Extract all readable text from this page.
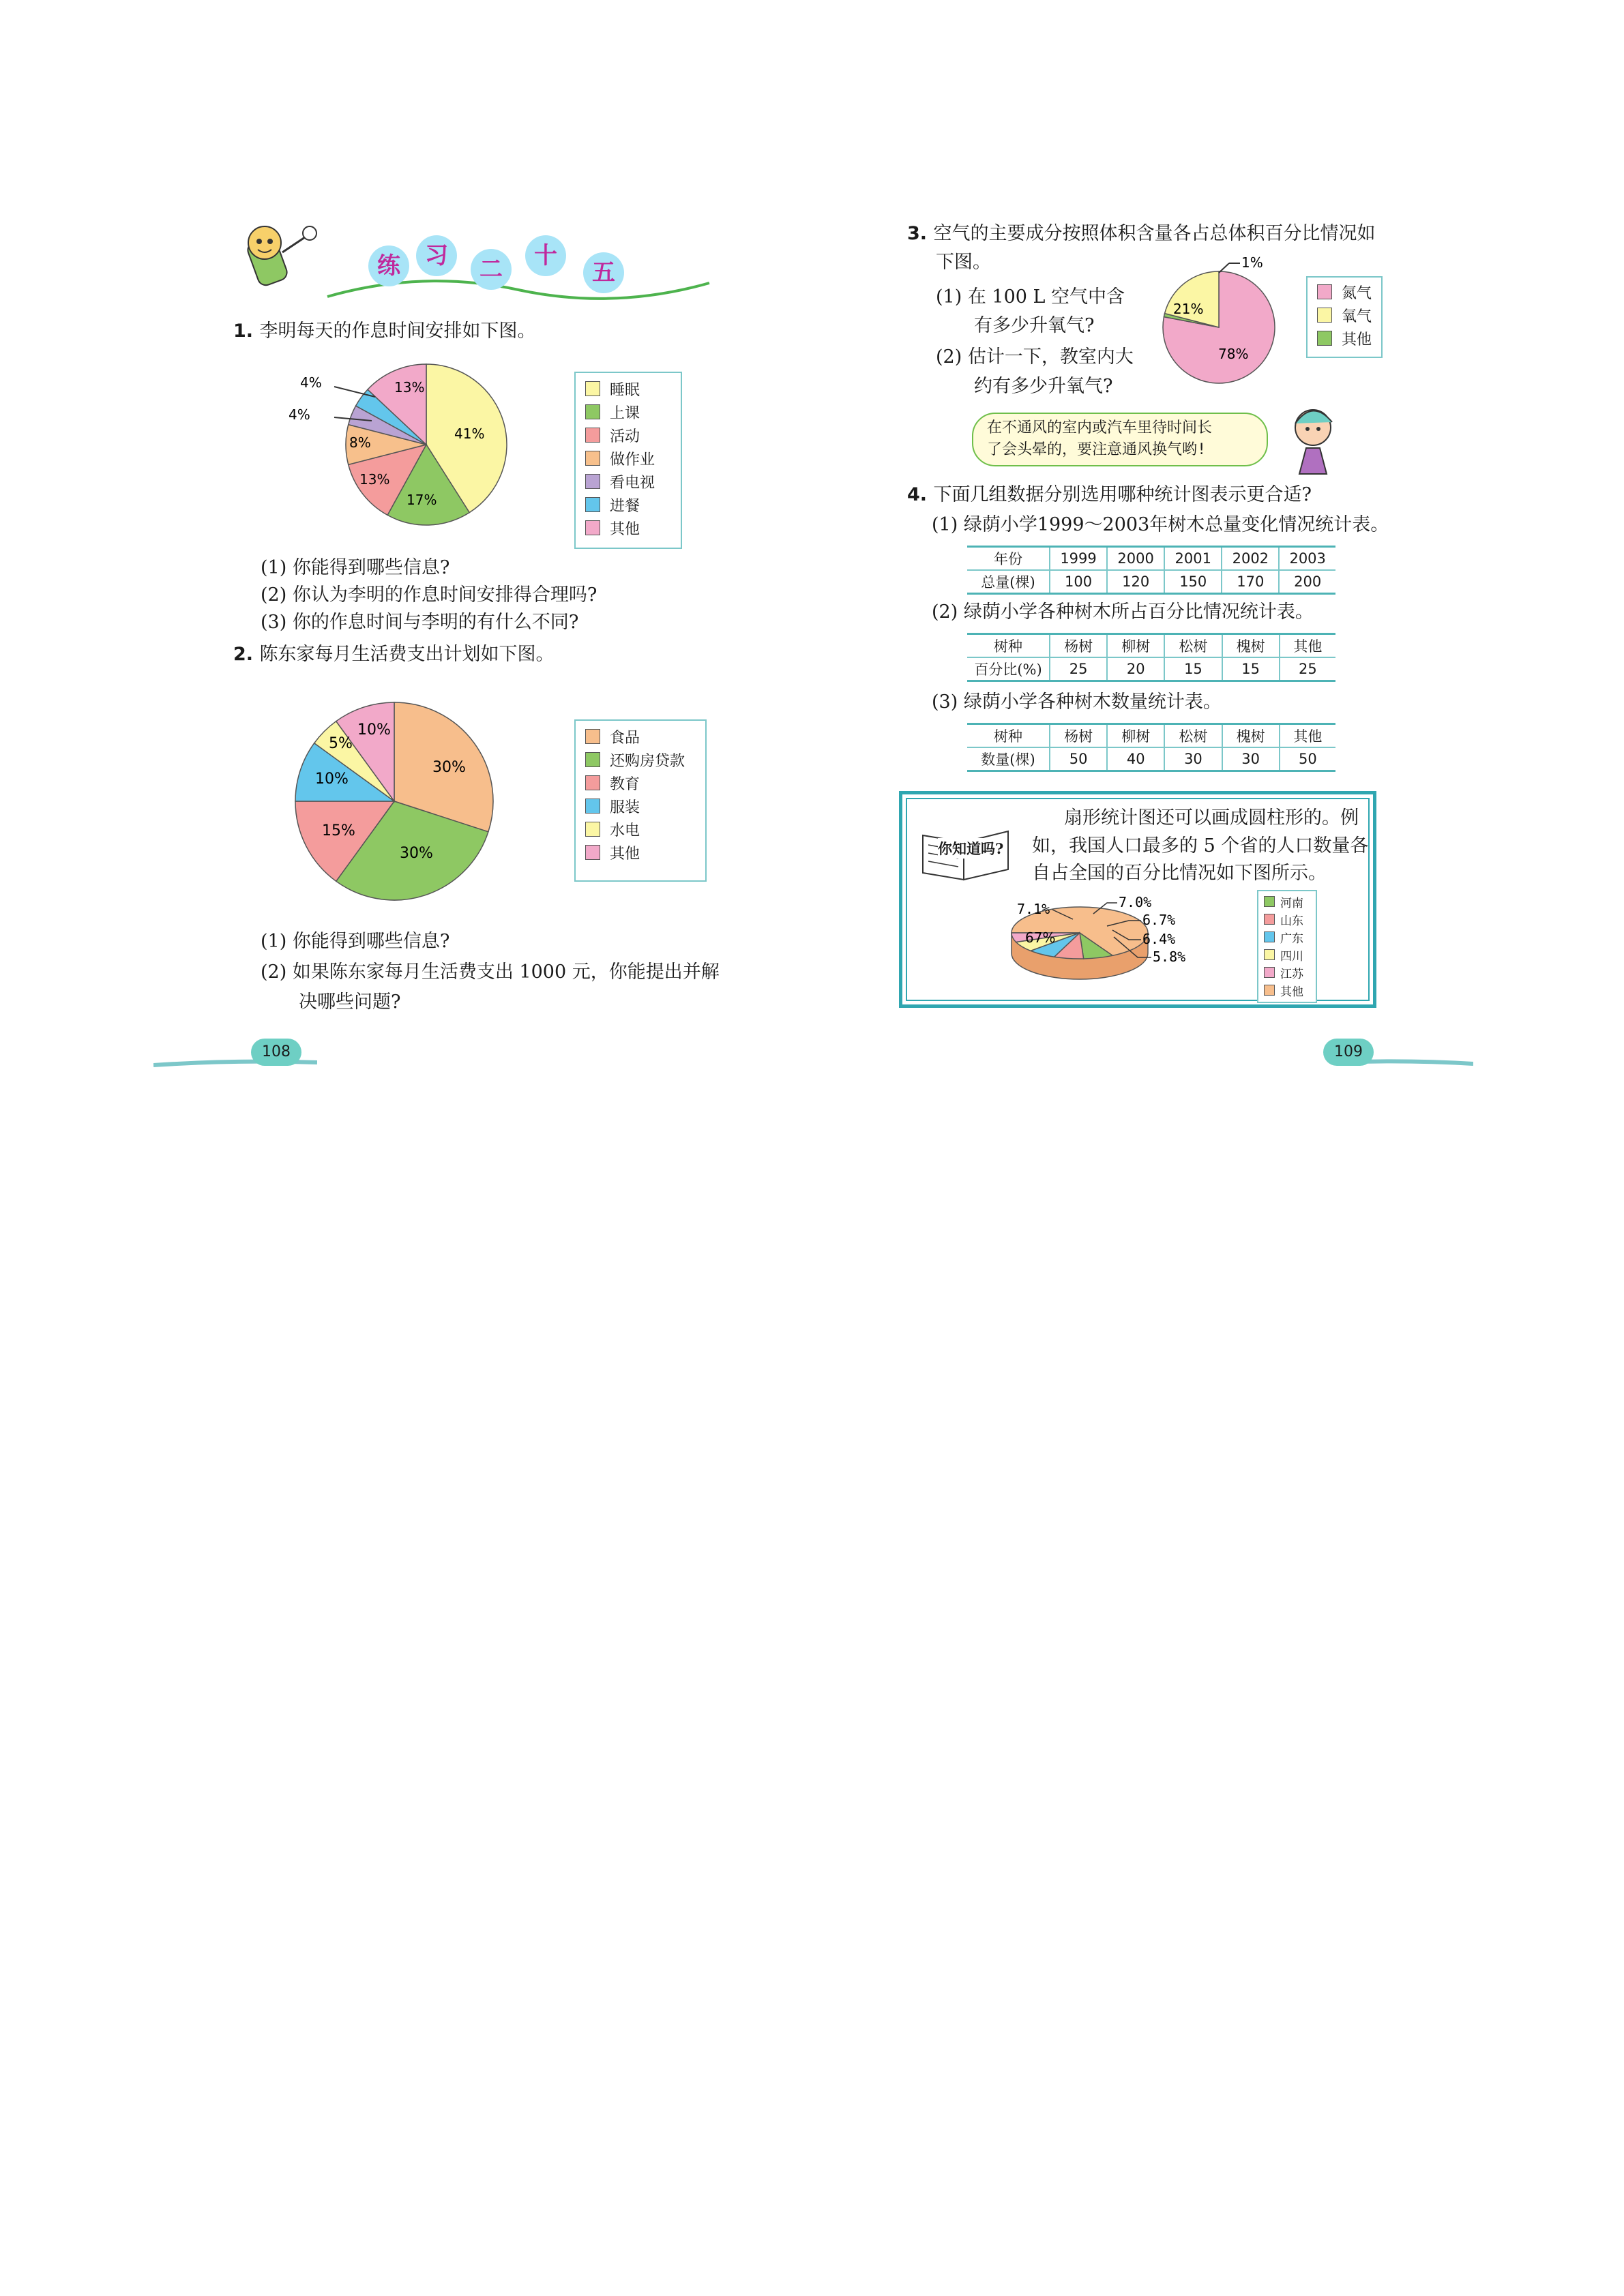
练	习	二	十
五
1. 李明每天的作息时间安排如下图。
4%
4%
41%
17%
13%
8%
13%	睡眠
上课
活动
做作业
看电视
进餐
其他
(1) 你能得到哪些信息?
(2) 你认为李明的作息时间安排得合理吗?
(3) 你的作息时间与李明的有什么不同?
2. 陈东家每月生活费支出计划如下图。
30%
30%
15%
10%
5%
10%	食品
还购房贷款
教育
服装
水电
其他
(1) 你能得到哪些信息?
(2) 如果陈东家每月生活费支出 1000 元，你能提出并解
决哪些问题?
108
3. 空气的主要成分按照体积含量各占总体积百分比情况如
下图。
(1) 在 100 L 空气中含
有多少升氧气?
(2) 估计一下，教室内大
约有多少升氧气?
1%
21%
78%
氮气
氧气
其他
在不通风的室内或汽车里待时间长
了会头晕的，要注意通风换气哟!
4. 下面几组数据分别选用哪种统计图表示更合适?
(1) 绿荫小学1999～2003年树木总量变化情况统计表。
年份	1999	2000	2001	2002	2003
总量(棵)	100	120	150	170	200
(2) 绿荫小学各种树木所占百分比情况统计表。
树种	杨树	柳树	松树	槐树	其他
百分比(%)	25	20	15	15	25
(3) 绿荫小学各种树木数量统计表。
树种	杨树	柳树	松树	槐树	其他
数量(棵)	50	40	30	30	50
你知道吗?
扇形统计图还可以画成圆柱形的。例
如，我国人口最多的 5 个省的人口数量各
自占全国的百分比情况如下图所示。
7.1%	7.0%
6.7%
6.4%
5.8%
67%
河南
山东
广东
四川
江苏
其他
109
